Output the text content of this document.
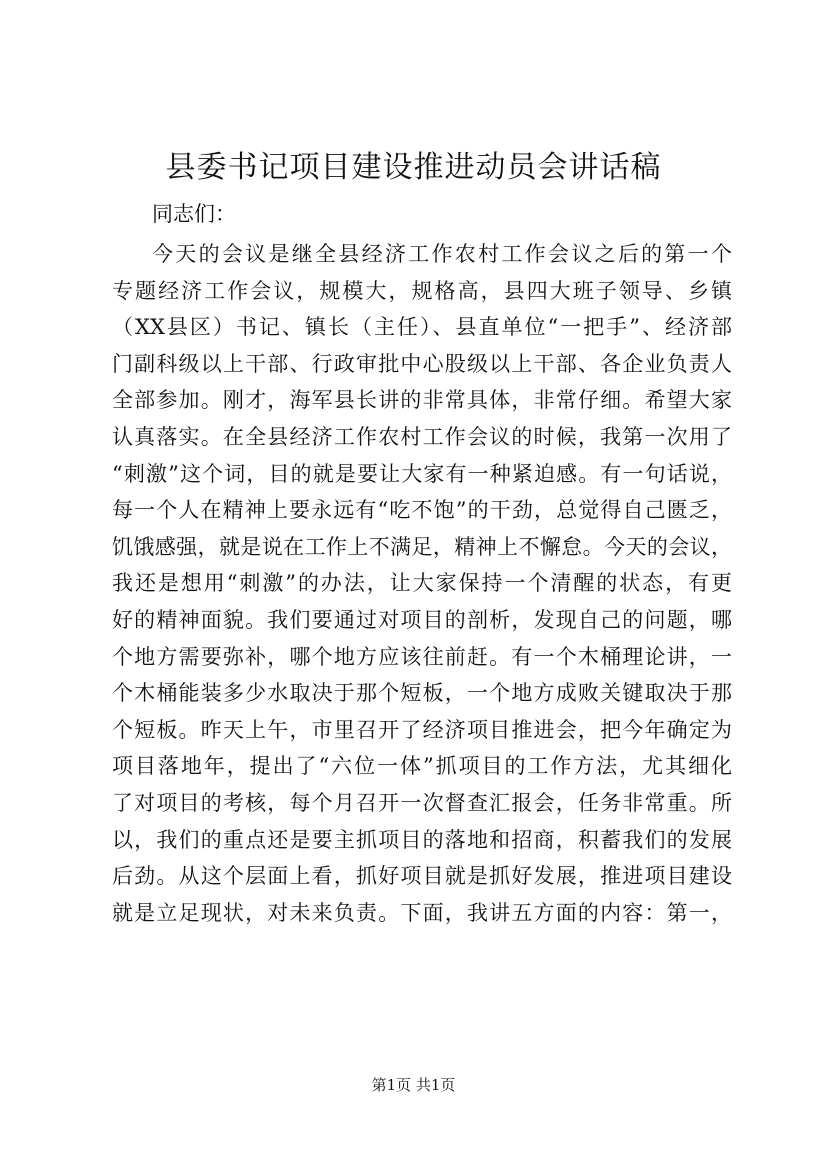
县委书记项目建设推进动员会讲话稿
同志们：
今天的会议是继全县经济工作农村工作会议之后的第一个
专题经济工作会议，规模大，规格高，县四大班子领导、乡镇
（XX县区）书记、镇长（主任）、县直单位“一把手”、经济部
门副科级以上干部、行政审批中心股级以上干部、各企业负责人
全部参加。刚才，海军县长讲的非常具体，非常仔细。希望大家
认真落实。在全县经济工作农村工作会议的时候，我第一次用了
“刺激”这个词，目的就是要让大家有一种紧迫感。有一句话说，
每一个人在精神上要永远有“吃不饱”的干劲，总觉得自己匮乏，
饥饿感强，就是说在工作上不满足，精神上不懈怠。今天的会议，
我还是想用“刺激”的办法，让大家保持一个清醒的状态，有更
好的精神面貌。我们要通过对项目的剖析，发现自己的问题，哪
个地方需要弥补，哪个地方应该往前赶。有一个木桶理论讲，一
个木桶能装多少水取决于那个短板，一个地方成败关键取决于那
个短板。昨天上午，市里召开了经济项目推进会，把今年确定为
项目落地年，提出了“六位一体”抓项目的工作方法，尤其细化
了对项目的考核，每个月召开一次督查汇报会，任务非常重。所
以，我们的重点还是要主抓项目的落地和招商，积蓄我们的发展
后劲。从这个层面上看，抓好项目就是抓好发展，推进项目建设
就是立足现状，对未来负责。下面，我讲五方面的内容：第一，
第1页 共1页
